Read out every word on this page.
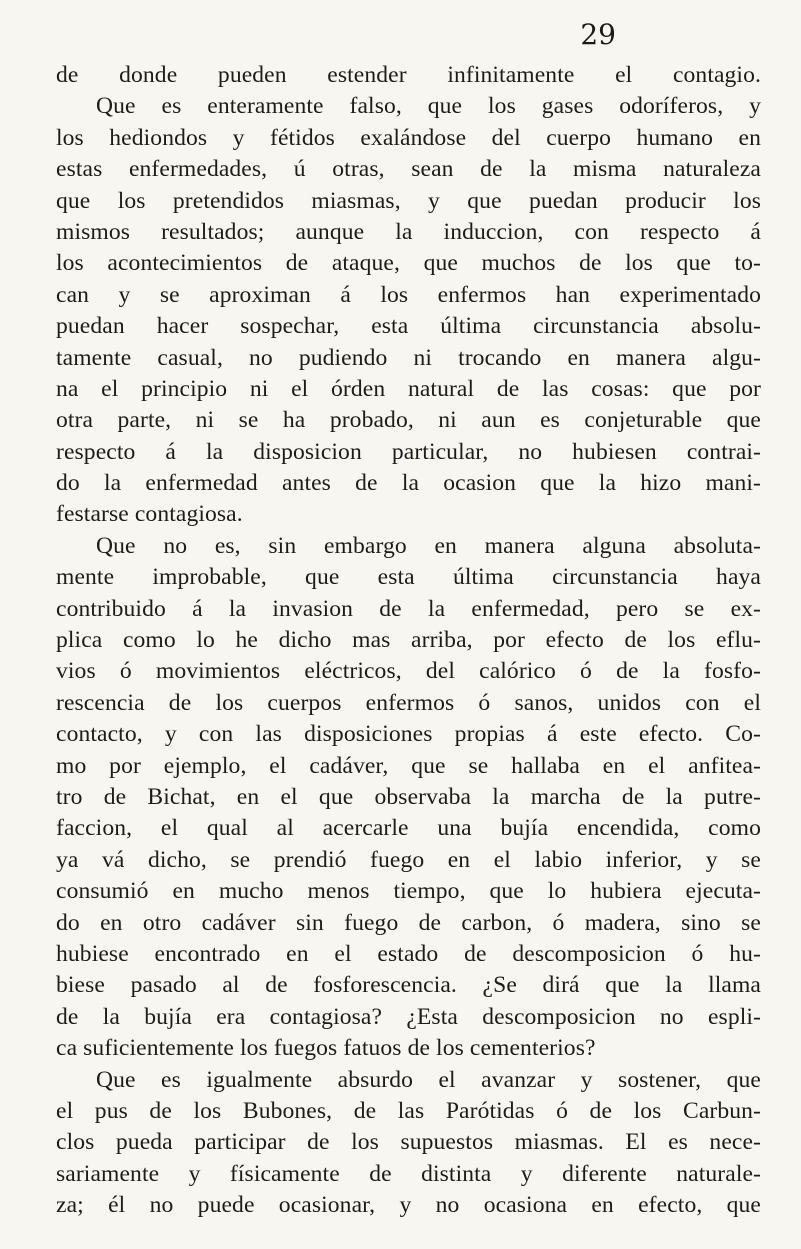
29
de donde pueden estender infinitamente el contagio.
Que es enteramente falso, que los gases odoríferos, y
los hediondos y fétidos exalándose del cuerpo humano en
estas enfermedades, ú otras, sean de la misma naturaleza
que los pretendidos miasmas, y que puedan producir los
mismos resultados; aunque la induccion, con respecto á
los acontecimientos de ataque, que muchos de los que to-
can y se aproximan á los enfermos han experimentado
puedan hacer sospechar, esta última circunstancia absolu-
tamente casual, no pudiendo ni trocando en manera algu-
na el principio ni el órden natural de las cosas: que por
otra parte, ni se ha probado, ni aun es conjeturable que
respecto á la disposicion particular, no hubiesen contrai-
do la enfermedad antes de la ocasion que la hizo mani-
festarse contagiosa.
Que no es, sin embargo en manera alguna absoluta-
mente improbable, que esta última circunstancia haya
contribuido á la invasion de la enfermedad, pero se ex-
plica como lo he dicho mas arriba, por efecto de los eflu-
vios ó movimientos eléctricos, del calórico ó de la fosfo-
rescencia de los cuerpos enfermos ó sanos, unidos con el
contacto, y con las disposiciones propias á este efecto. Co-
mo por ejemplo, el cadáver, que se hallaba en el anfitea-
tro de Bichat, en el que observaba la marcha de la putre-
faccion, el qual al acercarle una bujía encendida, como
ya vá dicho, se prendió fuego en el labio inferior, y se
consumió en mucho menos tiempo, que lo hubiera ejecuta-
do en otro cadáver sin fuego de carbon, ó madera, sino se
hubiese encontrado en el estado de descomposicion ó hu-
biese pasado al de fosforescencia. ¿Se dirá que la llama
de la bujía era contagiosa? ¿Esta descomposicion no espli-
ca suficientemente los fuegos fatuos de los cementerios?
Que es igualmente absurdo el avanzar y sostener, que
el pus de los Bubones, de las Parótidas ó de los Carbun-
clos pueda participar de los supuestos miasmas. El es nece-
sariamente y físicamente de distinta y diferente naturale-
za; él no puede ocasionar, y no ocasiona en efecto, que
